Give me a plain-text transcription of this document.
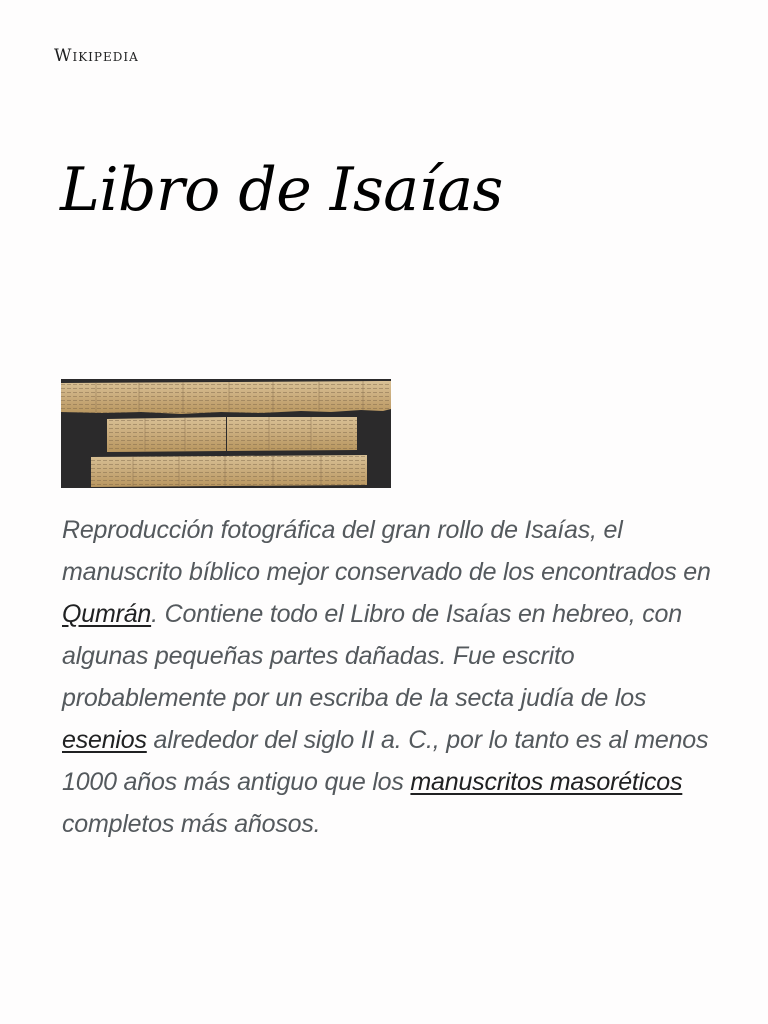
Wikipedia
Libro de Isaías

Reproducción fotográfica del gran rollo de Isaías, el manuscrito bíblico mejor conservado de los encontrados en Qumrán. Contiene todo el Libro de Isaías en hebreo, con algunas pequeñas partes dañadas. Fue escrito probablemente por un escriba de la secta judía de los esenios alrededor del siglo II a. C., por lo tanto es al menos 1000 años más antiguo que los manuscritos masoréticos completos más añosos.
